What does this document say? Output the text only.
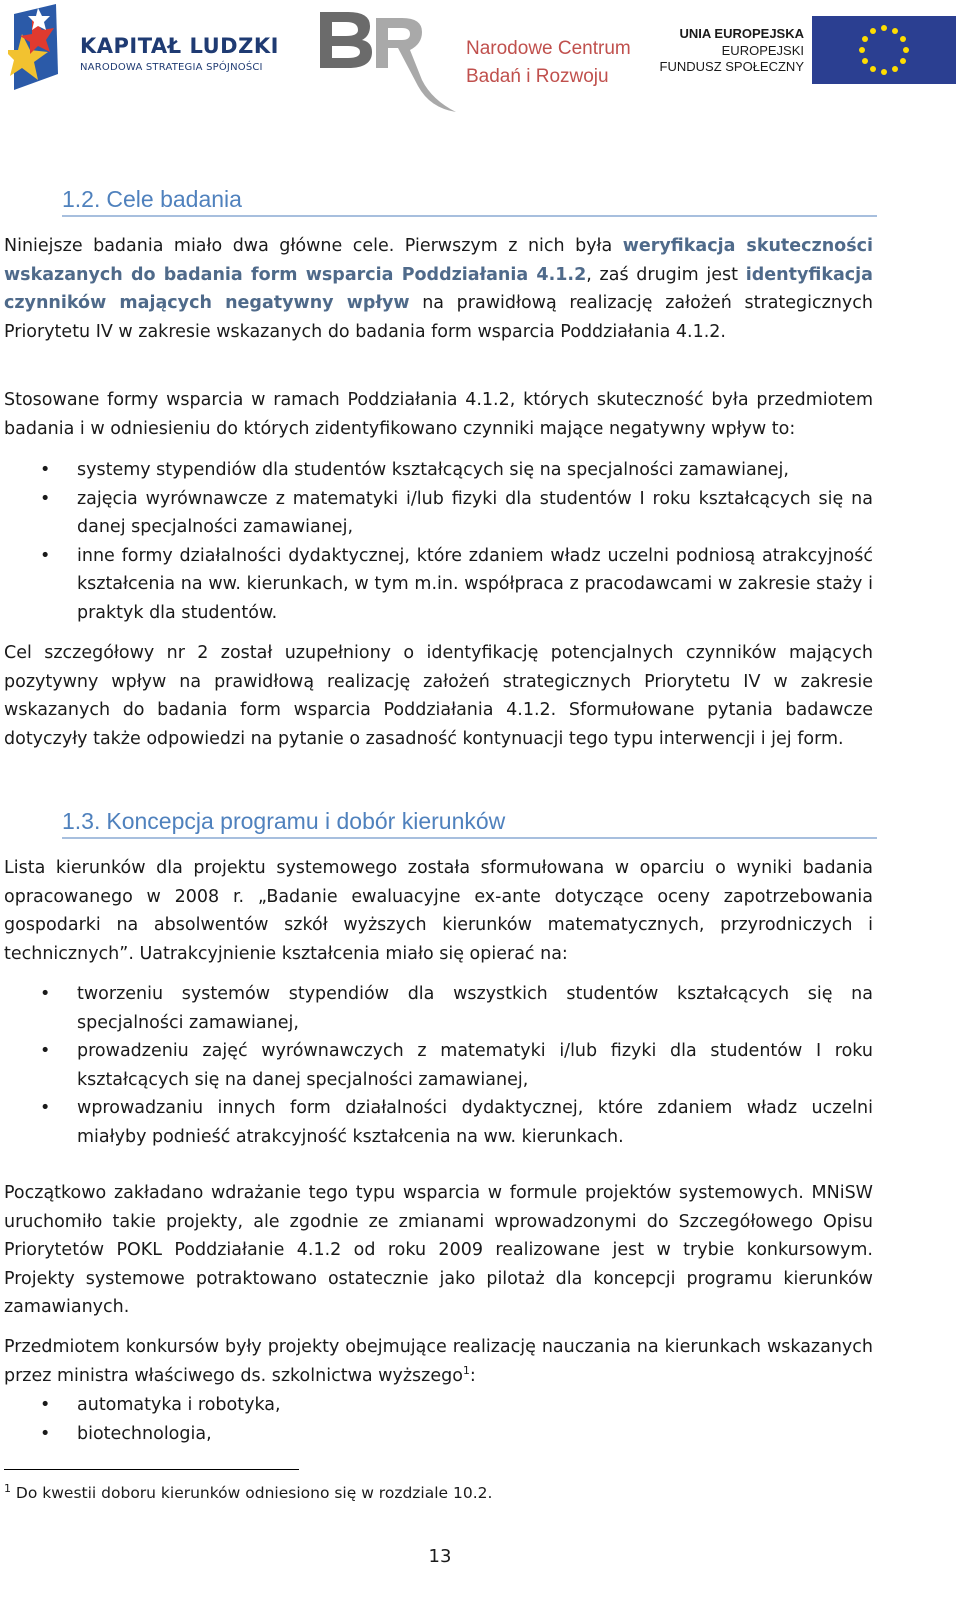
KAPITAŁ LUDZKI
NARODOWA STRATEGIA SPÓJNOŚCI
Narodowe Centrum
Badań i Rozwoju
UNIA EUROPEJSKA
EUROPEJSKI
FUNDUSZ SPOŁECZNY
1.2. Cele badania

Niniejsze badania miało dwa główne cele. Pierwszym z nich była weryfikacja skuteczności wskazanych do badania form wsparcia Poddziałania 4.1.2, zaś drugim jest identyfikacja czynników mających negatywny wpływ na prawidłową realizację założeń strategicznych Priorytetu IV w zakresie wskazanych do badania form wsparcia Poddziałania 4.1.2.

Stosowane formy wsparcia w ramach Poddziałania 4.1.2, których skuteczność była przedmiotem badania i w odniesieniu do których zidentyfikowano czynniki mające negatywny wpływ to:

• systemy stypendiów dla studentów kształcących się na specjalności zamawianej,
• zajęcia wyrównawcze z matematyki i/lub fizyki dla studentów I roku kształcących się na danej specjalności zamawianej,
• inne formy działalności dydaktycznej, które zdaniem władz uczelni podniosą atrakcyjność kształcenia na ww. kierunkach, w tym m.in. współpraca z pracodawcami w zakresie staży i praktyk dla studentów.

Cel szczegółowy nr 2 został uzupełniony o identyfikację potencjalnych czynników mających pozytywny wpływ na prawidłową realizację założeń strategicznych Priorytetu IV w zakresie wskazanych do badania form wsparcia Poddziałania 4.1.2. Sformułowane pytania badawcze dotyczyły także odpowiedzi na pytanie o zasadność kontynuacji tego typu interwencji i jej form.

1.3. Koncepcja programu i dobór kierunków

Lista kierunków dla projektu systemowego została sformułowana w oparciu o wyniki badania opracowanego w 2008 r. „Badanie ewaluacyjne ex-ante dotyczące oceny zapotrzebowania gospodarki na absolwentów szkół wyższych kierunków matematycznych, przyrodniczych i technicznych”. Uatrakcyjnienie kształcenia miało się opierać na:

• tworzeniu systemów stypendiów dla wszystkich studentów kształcących się na specjalności zamawianej,
• prowadzeniu zajęć wyrównawczych z matematyki i/lub fizyki dla studentów I roku kształcących się na danej specjalności zamawianej,
• wprowadzaniu innych form działalności dydaktycznej, które zdaniem władz uczelni miałyby podnieść atrakcyjność kształcenia na ww. kierunkach.

Początkowo zakładano wdrażanie tego typu wsparcia w formule projektów systemowych. MNiSW uruchomiło takie projekty, ale zgodnie ze zmianami wprowadzonymi do Szczegółowego Opisu Priorytetów POKL Poddziałanie 4.1.2 od roku 2009 realizowane jest w trybie konkursowym. Projekty systemowe potraktowano ostatecznie jako pilotaż dla koncepcji programu kierunków zamawianych.

Przedmiotem konkursów były projekty obejmujące realizację nauczania na kierunkach wskazanych przez ministra właściwego ds. szkolnictwa wyższego$^1$:

• automatyka i robotyka,
• biotechnologia,
$^1$ Do kwestii doboru kierunków odniesiono się w rozdziale 10.2.
13
